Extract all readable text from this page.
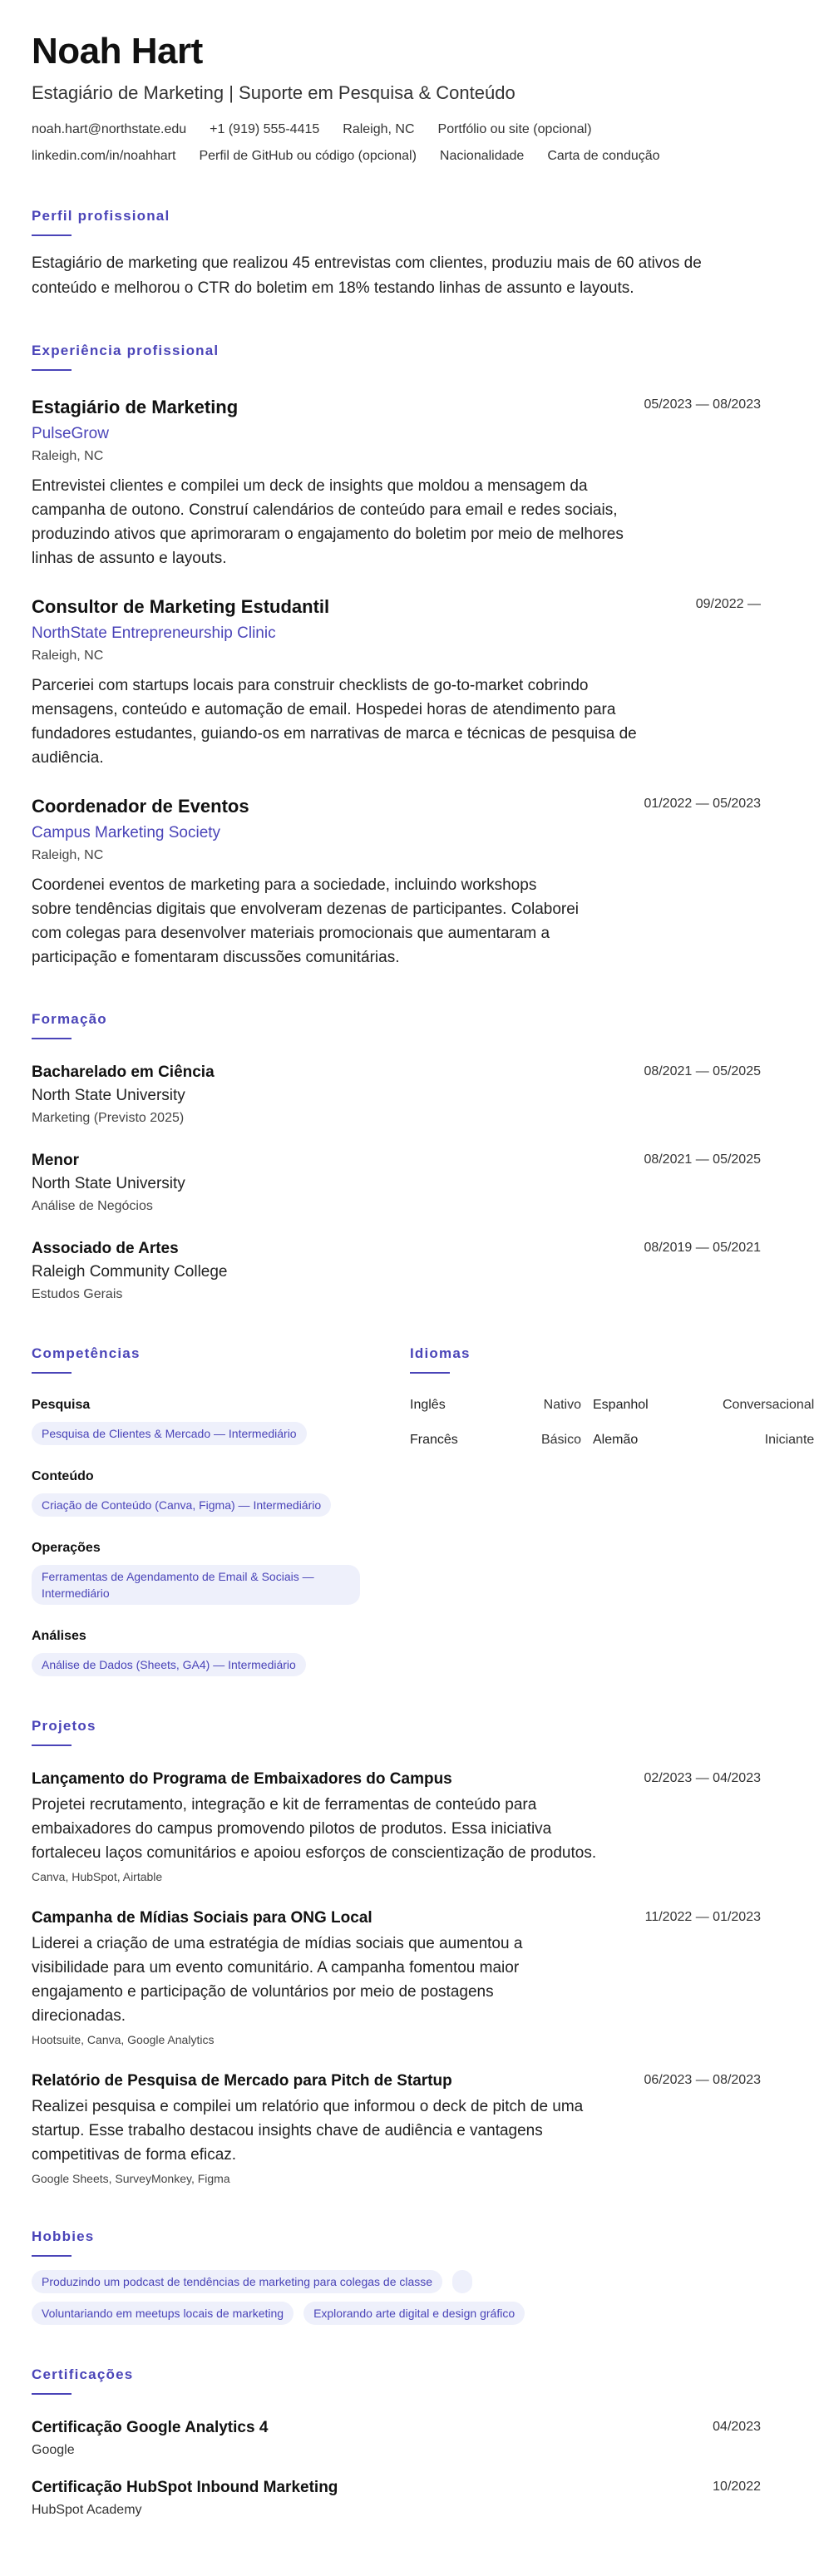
Noah Hart
Estagiário de Marketing | Suporte em Pesquisa & Conteúdo
noah.hart@northstate.edu +1 (919) 555-4415 Raleigh, NC Portfólio ou site (opcional)
linkedin.com/in/noahhart Perfil de GitHub ou código (opcional) Nacionalidade Carta de condução
Perfil profissional
Estagiário de marketing que realizou 45 entrevistas com clientes, produziu mais de 60 ativos de conteúdo e melhorou o CTR do boletim em 18% testando linhas de assunto e layouts.
Experiência profissional
Estagiário de Marketing	05/2023 — 08/2023
PulseGrow
Raleigh, NC
Entrevistei clientes e compilei um deck de insights que moldou a mensagem da campanha de outono. Construí calendários de conteúdo para email e redes sociais, produzindo ativos que aprimoraram o engajamento do boletim por meio de melhores linhas de assunto e layouts.
Consultor de Marketing Estudantil	09/2022 —
NorthState Entrepreneurship Clinic
Raleigh, NC
Parceriei com startups locais para construir checklists de go-to-market cobrindo mensagens, conteúdo e automação de email. Hospedei horas de atendimento para fundadores estudantes, guiando-os em narrativas de marca e técnicas de pesquisa de audiência.
Coordenador de Eventos	01/2022 — 05/2023
Campus Marketing Society
Raleigh, NC
Coordenei eventos de marketing para a sociedade, incluindo workshops sobre tendências digitais que envolveram dezenas de participantes. Colaborei com colegas para desenvolver materiais promocionais que aumentaram a participação e fomentaram discussões comunitárias.
Formação
Bacharelado em Ciência	08/2021 — 05/2025
North State University
Marketing (Previsto 2025)
Menor	08/2021 — 05/2025
North State University
Análise de Negócios
Associado de Artes	08/2019 — 05/2021
Raleigh Community College
Estudos Gerais
Competências
Pesquisa
Pesquisa de Clientes & Mercado — Intermediário
Conteúdo
Criação de Conteúdo (Canva, Figma) — Intermediário
Operações
Ferramentas de Agendamento de Email & Sociais — Intermediário
Análises
Análise de Dados (Sheets, GA4) — Intermediário
Idiomas
Inglês	Nativo Espanhol	Conversacional
Francês	Básico Alemão	Iniciante
Projetos
Lançamento do Programa de Embaixadores do Campus	02/2023 — 04/2023
Projetei recrutamento, integração e kit de ferramentas de conteúdo para embaixadores do campus promovendo pilotos de produtos. Essa iniciativa fortaleceu laços comunitários e apoiou esforços de conscientização de produtos.
Canva, HubSpot, Airtable
Campanha de Mídias Sociais para ONG Local	11/2022 — 01/2023
Liderei a criação de uma estratégia de mídias sociais que aumentou a visibilidade para um evento comunitário. A campanha fomentou maior engajamento e participação de voluntários por meio de postagens direcionadas.
Hootsuite, Canva, Google Analytics
Relatório de Pesquisa de Mercado para Pitch de Startup	06/2023 — 08/2023
Realizei pesquisa e compilei um relatório que informou o deck de pitch de uma startup. Esse trabalho destacou insights chave de audiência e vantagens competitivas de forma eficaz.
Google Sheets, SurveyMonkey, Figma
Hobbies
Produzindo um podcast de tendências de marketing para colegas de classe
Voluntariando em meetups locais de marketing	Explorando arte digital e design gráfico
Certificações
Certificação Google Analytics 4	04/2023
Google
Certificação HubSpot Inbound Marketing	10/2022
HubSpot Academy
